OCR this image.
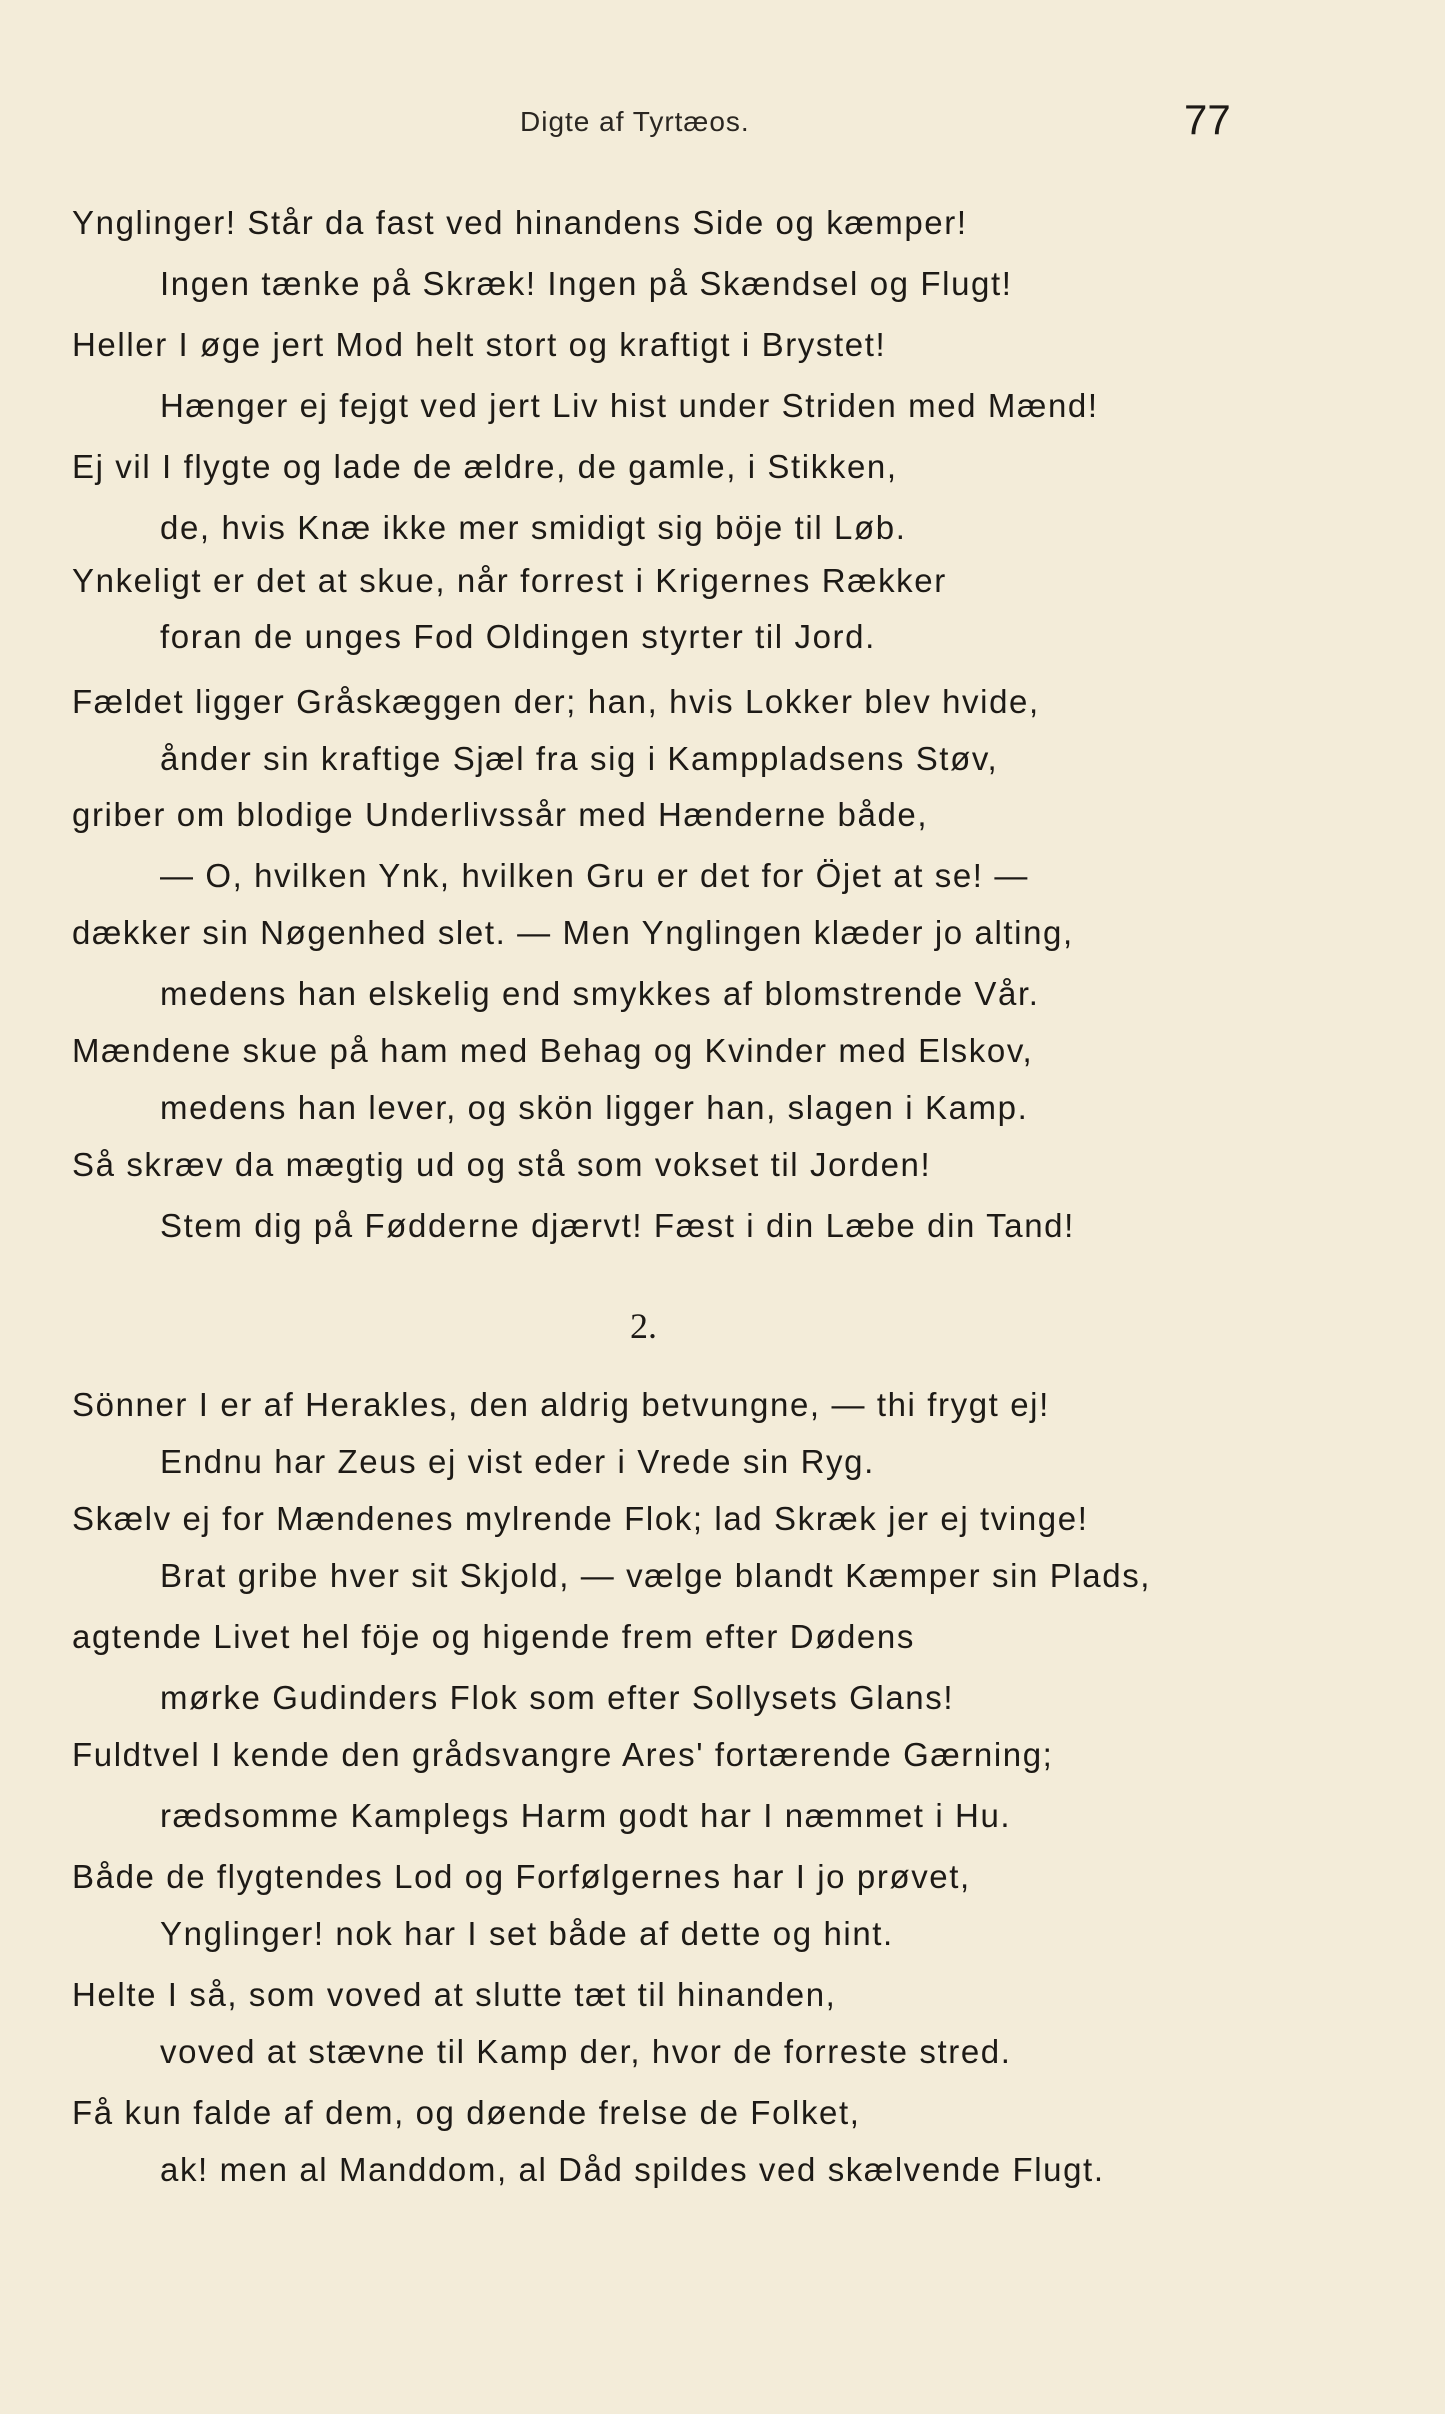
Digte af Tyrtæos.	77
Ynglinger! Står da fast ved hinandens Side og kæmper!
Ingen tænke på Skræk! Ingen på Skændsel og Flugt!
Heller I øge jert Mod helt stort og kraftigt i Brystet!
Hænger ej fejgt ved jert Liv hist under Striden med Mænd!
Ej vil I flygte og lade de ældre, de gamle, i Stikken,
de, hvis Knæ ikke mer smidigt sig böje til Løb.
Ynkeligt er det at skue, når forrest i Krigernes Rækker
foran de unges Fod Oldingen styrter til Jord.
Fældet ligger Gråskæggen der; han, hvis Lokker blev hvide,
ånder sin kraftige Sjæl fra sig i Kamppladsens Støv,
griber om blodige Underlivssår med Hænderne både,
— O, hvilken Ynk, hvilken Gru er det for Öjet at se! —
dækker sin Nøgenhed slet. — Men Ynglingen klæder jo alting,
medens han elskelig end smykkes af blomstrende Vår.
Mændene skue på ham med Behag og Kvinder med Elskov,
medens han lever, og skön ligger han, slagen i Kamp.
Så skræv da mægtig ud og stå som vokset til Jorden!
Stem dig på Fødderne djærvt! Fæst i din Læbe din Tand!
2.
Sönner I er af Herakles, den aldrig betvungne, — thi frygt ej!
Endnu har Zeus ej vist eder i Vrede sin Ryg.
Skælv ej for Mændenes mylrende Flok; lad Skræk jer ej tvinge!
Brat gribe hver sit Skjold, — vælge blandt Kæmper sin Plads,
agtende Livet hel föje og higende frem efter Dødens
mørke Gudinders Flok som efter Sollysets Glans!
Fuldtvel I kende den grådsvangre Ares' fortærende Gærning;
rædsomme Kamplegs Harm godt har I næmmet i Hu.
Både de flygtendes Lod og Forfølgernes har I jo prøvet,
Ynglinger! nok har I set både af dette og hint.
Helte I så, som voved at slutte tæt til hinanden,
voved at stævne til Kamp der, hvor de forreste stred.
Få kun falde af dem, og døende frelse de Folket,
ak! men al Manddom, al Dåd spildes ved skælvende Flugt.
